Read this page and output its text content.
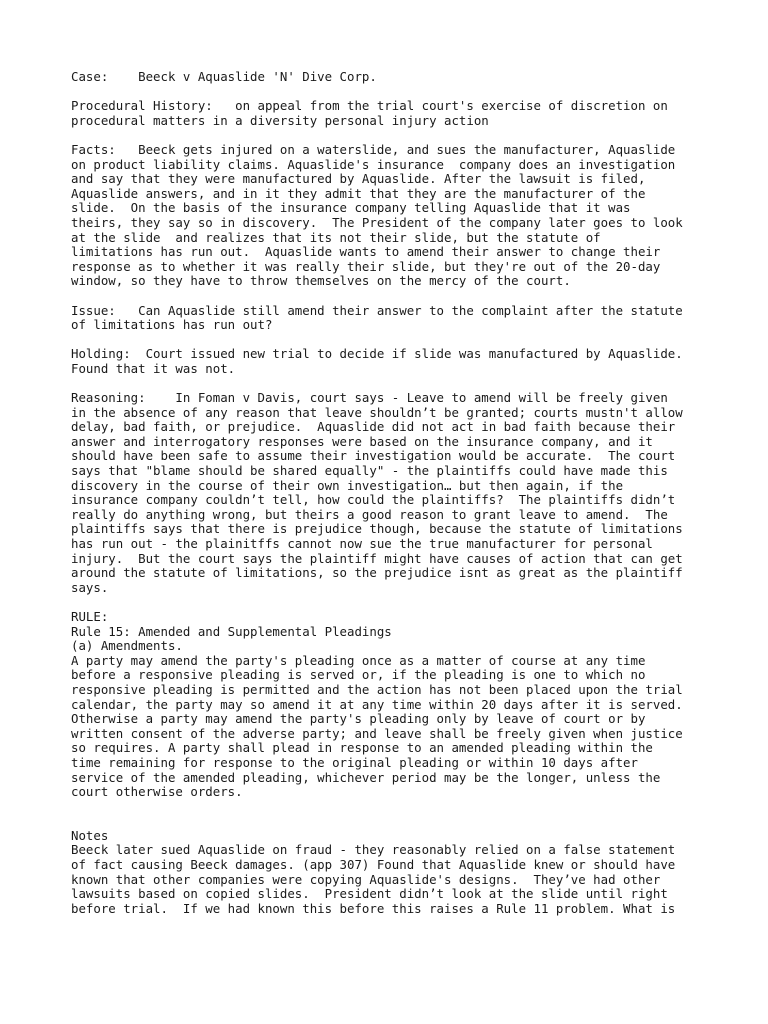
Case:    Beeck v Aquaslide 'N' Dive Corp.
Procedural History:   on appeal from the trial court's exercise of discretion on
procedural matters in a diversity personal injury action
Facts:   Beeck gets injured on a waterslide, and sues the manufacturer, Aquaslide
on product liability claims. Aquaslide's insurance  company does an investigation
and say that they were manufactured by Aquaslide. After the lawsuit is filed,
Aquaslide answers, and in it they admit that they are the manufacturer of the
slide.  On the basis of the insurance company telling Aquaslide that it was
theirs, they say so in discovery.  The President of the company later goes to look
at the slide  and realizes that its not their slide, but the statute of
limitations has run out.  Aquaslide wants to amend their answer to change their
response as to whether it was really their slide, but they're out of the 20-day
window, so they have to throw themselves on the mercy of the court.
Issue:   Can Aquaslide still amend their answer to the complaint after the statute
of limitations has run out?
Holding:  Court issued new trial to decide if slide was manufactured by Aquaslide.
Found that it was not.
Reasoning:    In Foman v Davis, court says - Leave to amend will be freely given
in the absence of any reason that leave shouldn’t be granted; courts mustn't allow
delay, bad faith, or prejudice.  Aquaslide did not act in bad faith because their
answer and interrogatory responses were based on the insurance company, and it
should have been safe to assume their investigation would be accurate.  The court
says that "blame should be shared equally" - the plaintiffs could have made this
discovery in the course of their own investigation… but then again, if the
insurance company couldn’t tell, how could the plaintiffs?  The plaintiffs didn’t
really do anything wrong, but theirs a good reason to grant leave to amend.  The
plaintiffs says that there is prejudice though, because the statute of limitations
has run out - the plainitffs cannot now sue the true manufacturer for personal
injury.  But the court says the plaintiff might have causes of action that can get
around the statute of limitations, so the prejudice isnt as great as the plaintiff
says.
RULE:
Rule 15: Amended and Supplemental Pleadings
(a) Amendments.
A party may amend the party's pleading once as a matter of course at any time
before a responsive pleading is served or, if the pleading is one to which no
responsive pleading is permitted and the action has not been placed upon the trial
calendar, the party may so amend it at any time within 20 days after it is served.
Otherwise a party may amend the party's pleading only by leave of court or by
written consent of the adverse party; and leave shall be freely given when justice
so requires. A party shall plead in response to an amended pleading within the
time remaining for response to the original pleading or within 10 days after
service of the amended pleading, whichever period may be the longer, unless the
court otherwise orders.
Notes
Beeck later sued Aquaslide on fraud - they reasonably relied on a false statement
of fact causing Beeck damages. (app 307) Found that Aquaslide knew or should have
known that other companies were copying Aquaslide's designs.  They’ve had other
lawsuits based on copied slides.  President didn’t look at the slide until right
before trial.  If we had known this before this raises a Rule 11 problem. What is
